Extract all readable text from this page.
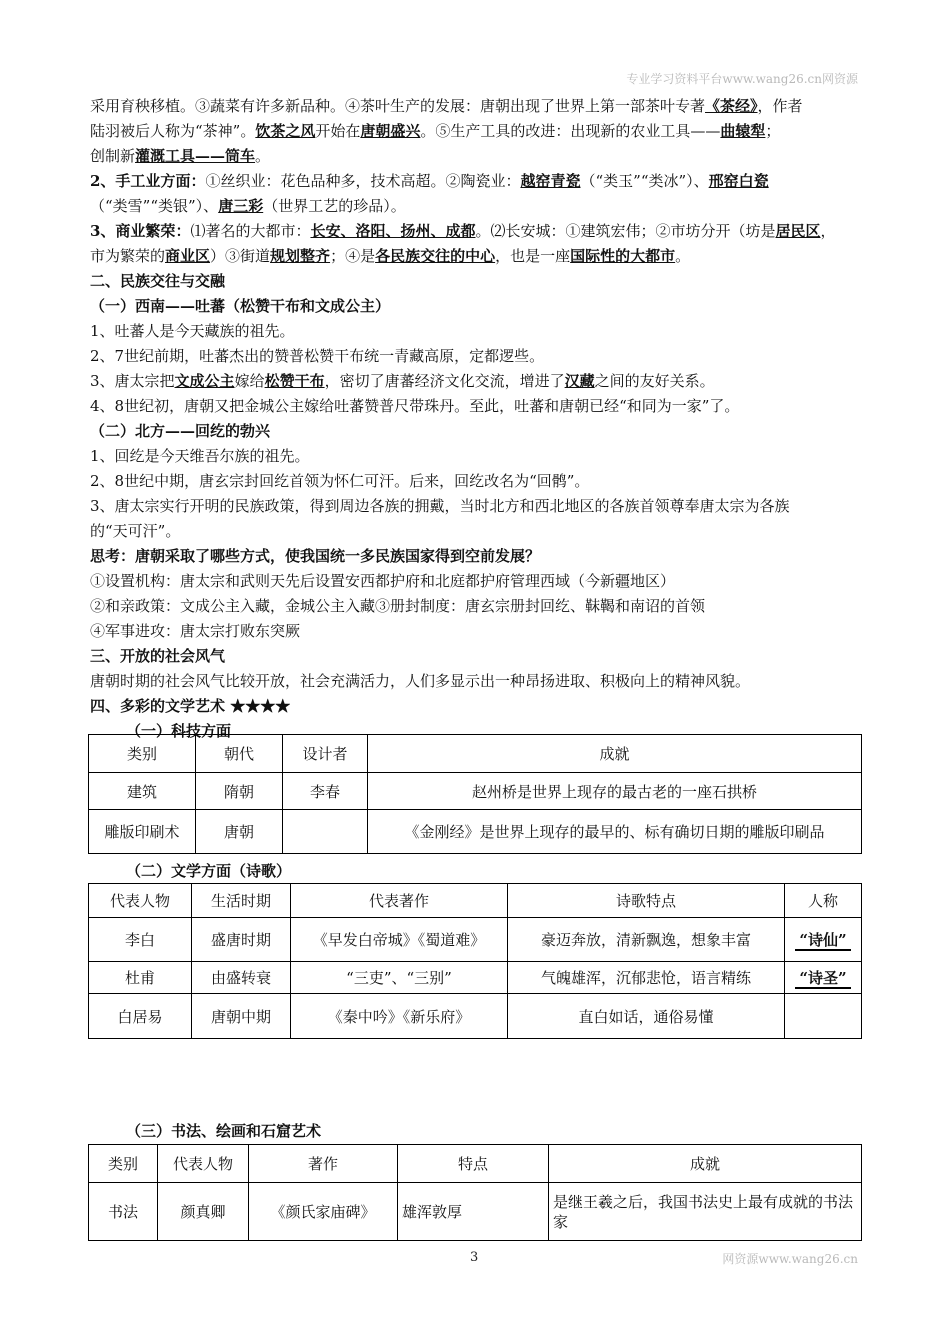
专业学习资料平台www.wang26.cn网资源
采用育秧移植。③蔬菜有许多新品种。④茶叶生产的发展：唐朝出现了世界上第一部茶叶专著《茶经》，作者
陆羽被后人称为“茶神”。饮茶之风开始在唐朝盛兴。⑤生产工具的改进：出现新的农业工具——曲辕犁；
创制新灌溉工具——筒车。
2、手工业方面：①丝织业：花色品种多，技术高超。②陶瓷业：越窑青瓷（“类玉”“类冰”）、邢窑白瓷
（“类雪”“类银”）、唐三彩（世界工艺的珍品）。
3、商业繁荣：⑴著名的大都市：长安、洛阳、扬州、成都。⑵长安城：①建筑宏伟；②市坊分开（坊是居民区，
市为繁荣的商业区）③街道规划整齐；④是各民族交往的中心，也是一座国际性的大都市。
二、民族交往与交融
（一）西南——吐蕃（松赞干布和文成公主）
1、吐蕃人是今天藏族的祖先。
2、7世纪前期，吐蕃杰出的赞普松赞干布统一青藏高原，定都逻些。
3、唐太宗把文成公主嫁给松赞干布，密切了唐蕃经济文化交流，增进了汉藏之间的友好关系。
4、8世纪初，唐朝又把金城公主嫁给吐蕃赞普尺带珠丹。至此，吐蕃和唐朝已经“和同为一家”了。
（二）北方——回纥的勃兴
1、回纥是今天维吾尔族的祖先。
2、8世纪中期，唐玄宗封回纥首领为怀仁可汗。后来，回纥改名为“回鹘”。
3、唐太宗实行开明的民族政策，得到周边各族的拥戴，当时北方和西北地区的各族首领尊奉唐太宗为各族
的“天可汗”。
思考：唐朝采取了哪些方式，使我国统一多民族国家得到空前发展？
①设置机构：唐太宗和武则天先后设置安西都护府和北庭都护府管理西域（今新疆地区）
②和亲政策：文成公主入藏，金城公主入藏③册封制度：唐玄宗册封回纥、靺鞨和南诏的首领
④军事进攻：唐太宗打败东突厥
三、开放的社会风气
唐朝时期的社会风气比较开放，社会充满活力，人们多显示出一种昂扬进取、积极向上的精神风貌。
四、多彩的文学艺术 ★★★★
（一）科技方面
类别	朝代	设计者	成就
建筑	隋朝	李春	赵州桥是世界上现存的最古老的一座石拱桥
雕版印刷术	唐朝		《金刚经》是世界上现存的最早的、标有确切日期的雕版印刷品
（二）文学方面（诗歌）
代表人物	生活时期	代表著作	诗歌特点	人称
李白	盛唐时期	《早发白帝城》《蜀道难》	豪迈奔放，清新飘逸，想象丰富	“诗仙”
杜甫	由盛转衰	“三吏”、“三别”	气魄雄浑，沉郁悲怆，语言精练	“诗圣”
白居易	唐朝中期	《秦中吟》《新乐府》	直白如话，通俗易懂	
（三）书法、绘画和石窟艺术
类别	代表人物	著作	特点	成就
书法	颜真卿	《颜氏家庙碑》	雄浑敦厚	是继王羲之后，我国书法史上最有成就的书法家
3	网资源www.wang26.cn
